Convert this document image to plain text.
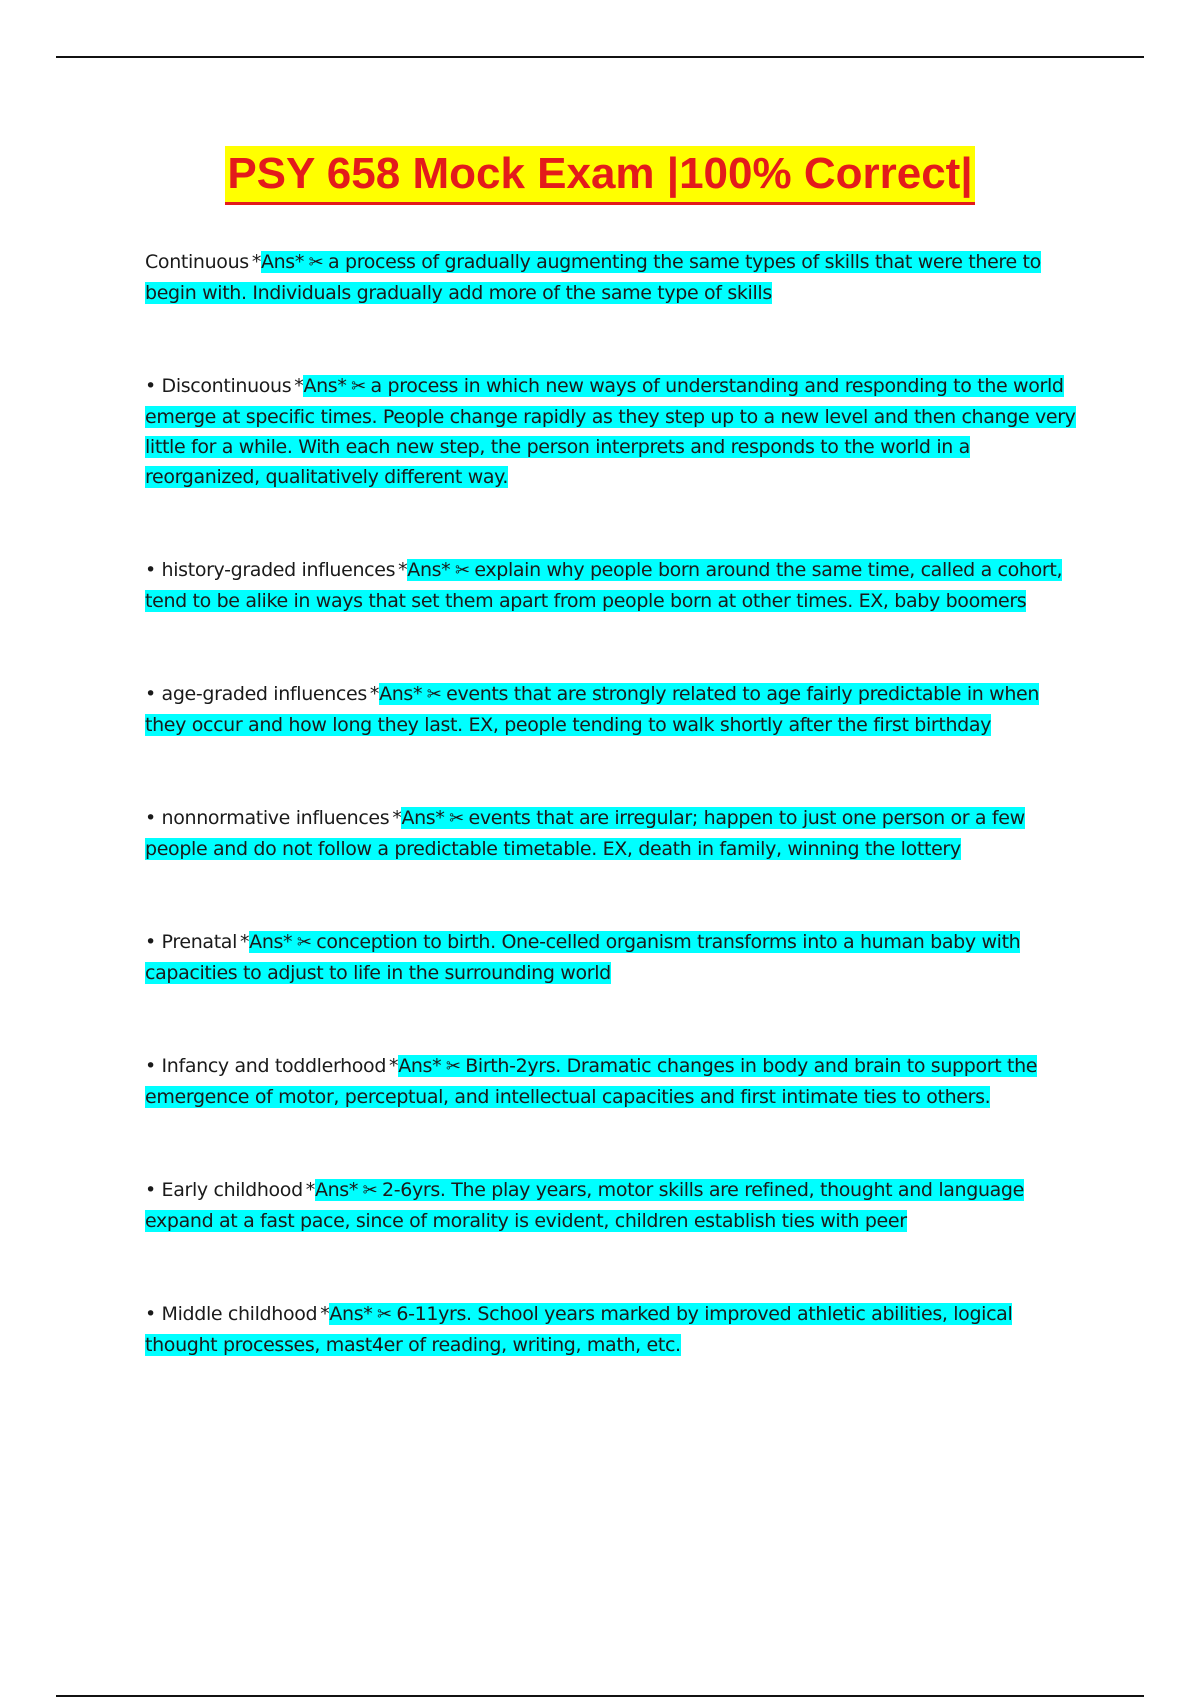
PSY 658 Mock Exam |100% Correct|
Continuous *Ans* ✂ a process of gradually augmenting the same types of skills that were there to begin with. Individuals gradually add more of the same type of skills
• Discontinuous *Ans* ✂ a process in which new ways of understanding and responding to the world emerge at specific times. People change rapidly as they step up to a new level and then change very little for a while. With each new step, the person interprets and responds to the world in a reorganized, qualitatively different way.
• history-graded influences *Ans* ✂ explain why people born around the same time, called a cohort, tend to be alike in ways that set them apart from people born at other times. EX, baby boomers
• age-graded influences *Ans* ✂ events that are strongly related to age fairly predictable in when they occur and how long they last. EX, people tending to walk shortly after the first birthday
• nonnormative influences *Ans* ✂ events that are irregular; happen to just one person or a few people and do not follow a predictable timetable. EX, death in family, winning the lottery
• Prenatal *Ans* ✂ conception to birth. One-celled organism transforms into a human baby with capacities to adjust to life in the surrounding world
• Infancy and toddlerhood *Ans* ✂ Birth-2yrs. Dramatic changes in body and brain to support the emergence of motor, perceptual, and intellectual capacities and first intimate ties to others.
• Early childhood *Ans* ✂ 2-6yrs. The play years, motor skills are refined, thought and language expand at a fast pace, since of morality is evident, children establish ties with peer
• Middle childhood *Ans* ✂ 6-11yrs. School years marked by improved athletic abilities, logical thought processes, mast4er of reading, writing, math, etc.
